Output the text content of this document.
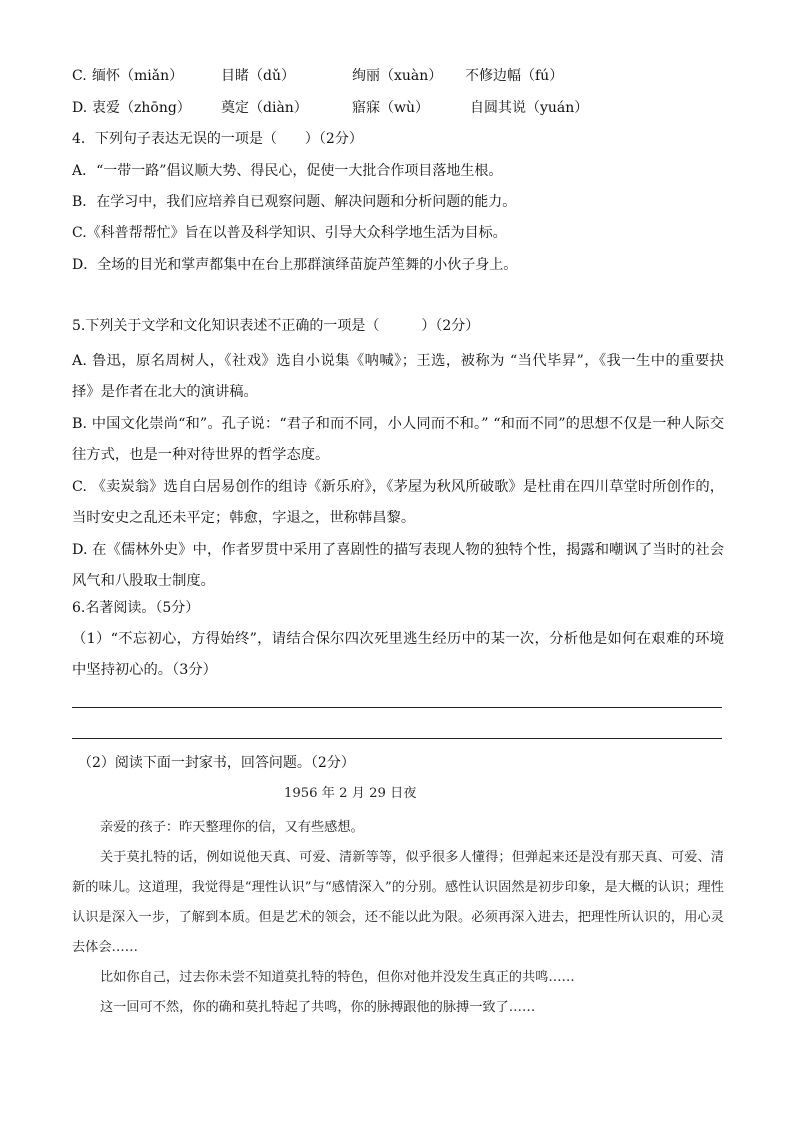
C. 缅怀（miǎn）	目睹（dǔ）	绚丽（xuàn） 不修边幅（fú）
D. 衷爱（zhōng） 奠定（diàn）	寤寐（wù）	自圆其说（yuán）
4．下列句子表达无误的一项是（　　）（2分）
A．“一带一路”倡议顺大势、得民心，促使一大批合作项目落地生根。
B．在学习中，我们应培养自已观察问题、解决问题和分析问题的能力。
C.《科普帮帮忙》旨在以普及科学知识、引导大众科学地生活为目标。
D．全场的目光和掌声都集中在台上那群演绎苗旋芦笙舞的小伙子身上。
5.下列关于文学和文化知识表述不正确的一项是（　　　）（2分）
A. 鲁迅，原名周树人，《社戏》选自小说集《呐喊》；王选，被称为 “当代毕昇”，《我一生中的重要抉择》是作者在北大的演讲稿。
B. 中国文化崇尚“和”。孔子说：“君子和而不同，小人同而不和。” “和而不同”的思想不仅是一种人际交往方式，也是一种对待世界的哲学态度。
C. 《卖炭翁》选自白居易创作的组诗《新乐府》，《茅屋为秋风所破歌》是杜甫在四川草堂时所创作的，当时安史之乱还未平定；韩愈，字退之，世称韩昌黎。
D. 在《儒林外史》中，作者罗贯中采用了喜剧性的描写表现人物的独特个性，揭露和嘲讽了当时的社会风气和八股取士制度。
6.名著阅读。（5分）
（1）“不忘初心，方得始终”，请结合保尔四次死里逃生经历中的某一次，分析他是如何在艰难的环境中坚持初心的。（3分）
（2）阅读下面一封家书，回答问题。（2分）
1956 年 2 月 29 日夜

亲爱的孩子：昨天整理你的信，又有些感想。

关于莫扎特的话，例如说他天真、可爱、清新等等，似乎很多人懂得；但弹起来还是没有那天真、可爱、清新的味儿。这道理，我觉得是“理性认识”与“感情深入”的分别。感性认识固然是初步印象，是大概的认识；理性认识是深入一步，了解到本质。但是艺术的领会，还不能以此为限。必须再深入进去，把理性所认识的，用心灵去体会……

比如你自己，过去你未尝不知道莫扎特的特色，但你对他并没发生真正的共鸣……

这一回可不然，你的确和莫扎特起了共鸣，你的脉搏跟他的脉搏一致了……
